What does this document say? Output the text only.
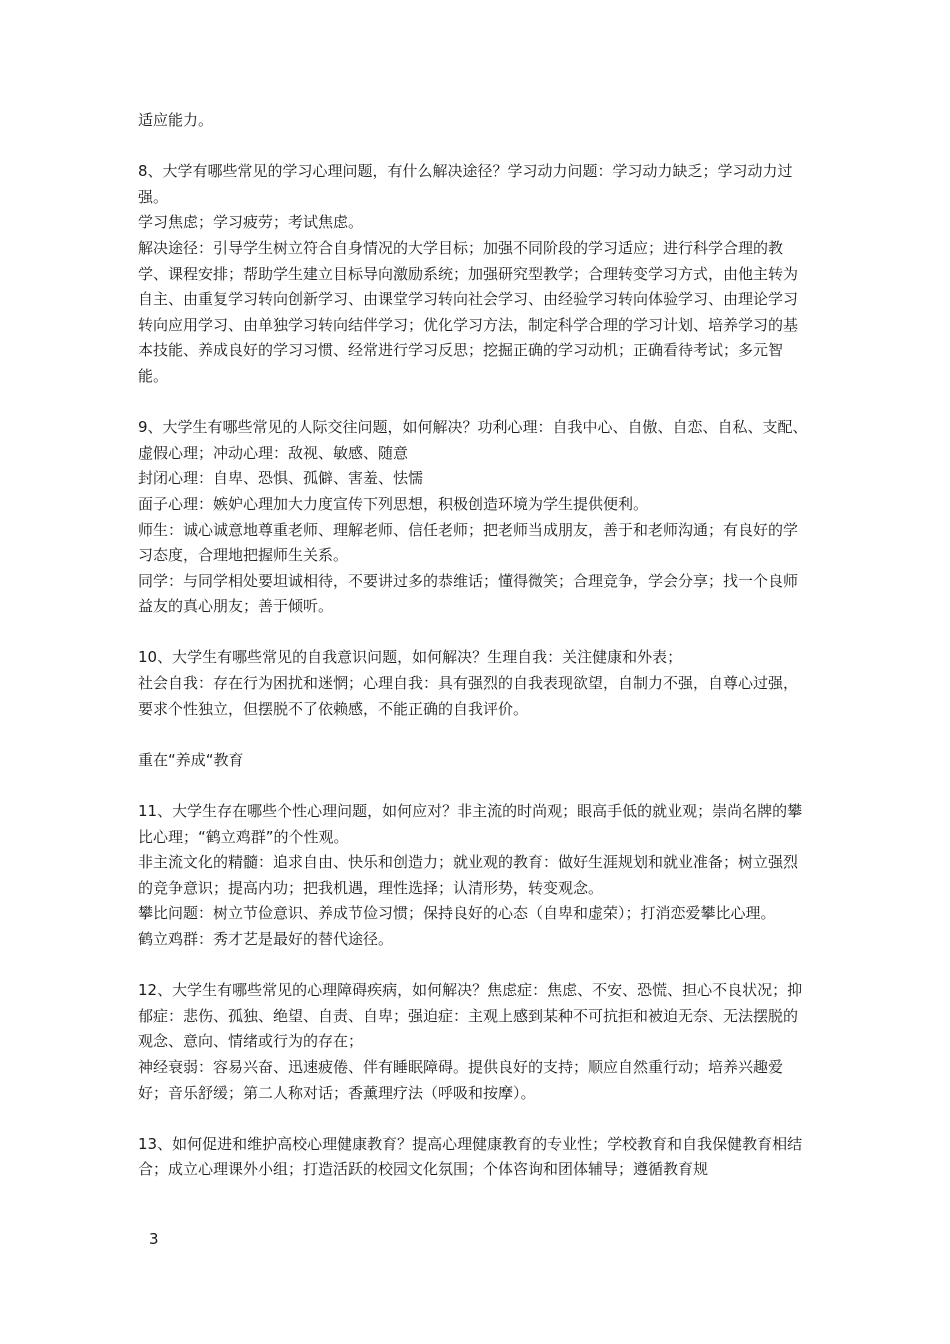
适应能力。

8、大学有哪些常见的学习心理问题，有什么解决途径？学习动力问题：学习动力缺乏；学习动力过强。

学习焦虑；学习疲劳；考试焦虑。

解决途径：引导学生树立符合自身情况的大学目标；加强不同阶段的学习适应；进行科学合理的教学、课程安排；帮助学生建立目标导向激励系统；加强研究型教学；合理转变学习方式，由他主转为自主、由重复学习转向创新学习、由课堂学习转向社会学习、由经验学习转向体验学习、由理论学习转向应用学习、由单独学习转向结伴学习；优化学习方法，制定科学合理的学习计划、培养学习的基本技能、养成良好的学习习惯、经常进行学习反思；挖掘正确的学习动机；正确看待考试；多元智能。

9、大学生有哪些常见的人际交往问题，如何解决？功利心理：自我中心、自傲、自恋、自私、支配、虚假心理；冲动心理：敌视、敏感、随意

封闭心理：自卑、恐惧、孤僻、害羞、怯懦

面子心理：嫉妒心理加大力度宣传下列思想，积极创造环境为学生提供便利。

师生：诚心诚意地尊重老师、理解老师、信任老师；把老师当成朋友，善于和老师沟通；有良好的学习态度，合理地把握师生关系。

同学：与同学相处要坦诚相待，不要讲过多的恭维话；懂得微笑；合理竞争，学会分享；找一个良师益友的真心朋友；善于倾听。

10、大学生有哪些常见的自我意识问题，如何解决？生理自我：关注健康和外表；

社会自我：存在行为困扰和迷惘；心理自我：具有强烈的自我表现欲望，自制力不强，自尊心过强，要求个性独立，但摆脱不了依赖感，不能正确的自我评价。

重在“养成“教育

11、大学生存在哪些个性心理问题，如何应对？非主流的时尚观；眼高手低的就业观；崇尚名牌的攀比心理；“鹤立鸡群”的个性观。

非主流文化的精髓：追求自由、快乐和创造力；就业观的教育：做好生涯规划和就业准备；树立强烈的竞争意识；提高内功；把我机遇，理性选择；认清形势，转变观念。

攀比问题：树立节俭意识、养成节俭习惯；保持良好的心态（自卑和虚荣）；打消恋爱攀比心理。

鹤立鸡群：秀才艺是最好的替代途径。

12、大学生有哪些常见的心理障碍疾病，如何解决？焦虑症：焦虑、不安、恐慌、担心不良状况；抑郁症：悲伤、孤独、绝望、自责、自卑；强迫症：主观上感到某种不可抗拒和被迫无奈、无法摆脱的观念、意向、情绪或行为的存在；

神经衰弱：容易兴奋、迅速疲倦、伴有睡眠障碍。提供良好的支持；顺应自然重行动；培养兴趣爱好；音乐舒缓；第二人称对话；香薰理疗法（呼吸和按摩）。

13、如何促进和维护高校心理健康教育？提高心理健康教育的专业性；学校教育和自我保健教育相结合；成立心理课外小组；打造活跃的校园文化氛围；个体咨询和团体辅导；遵循教育规

3
